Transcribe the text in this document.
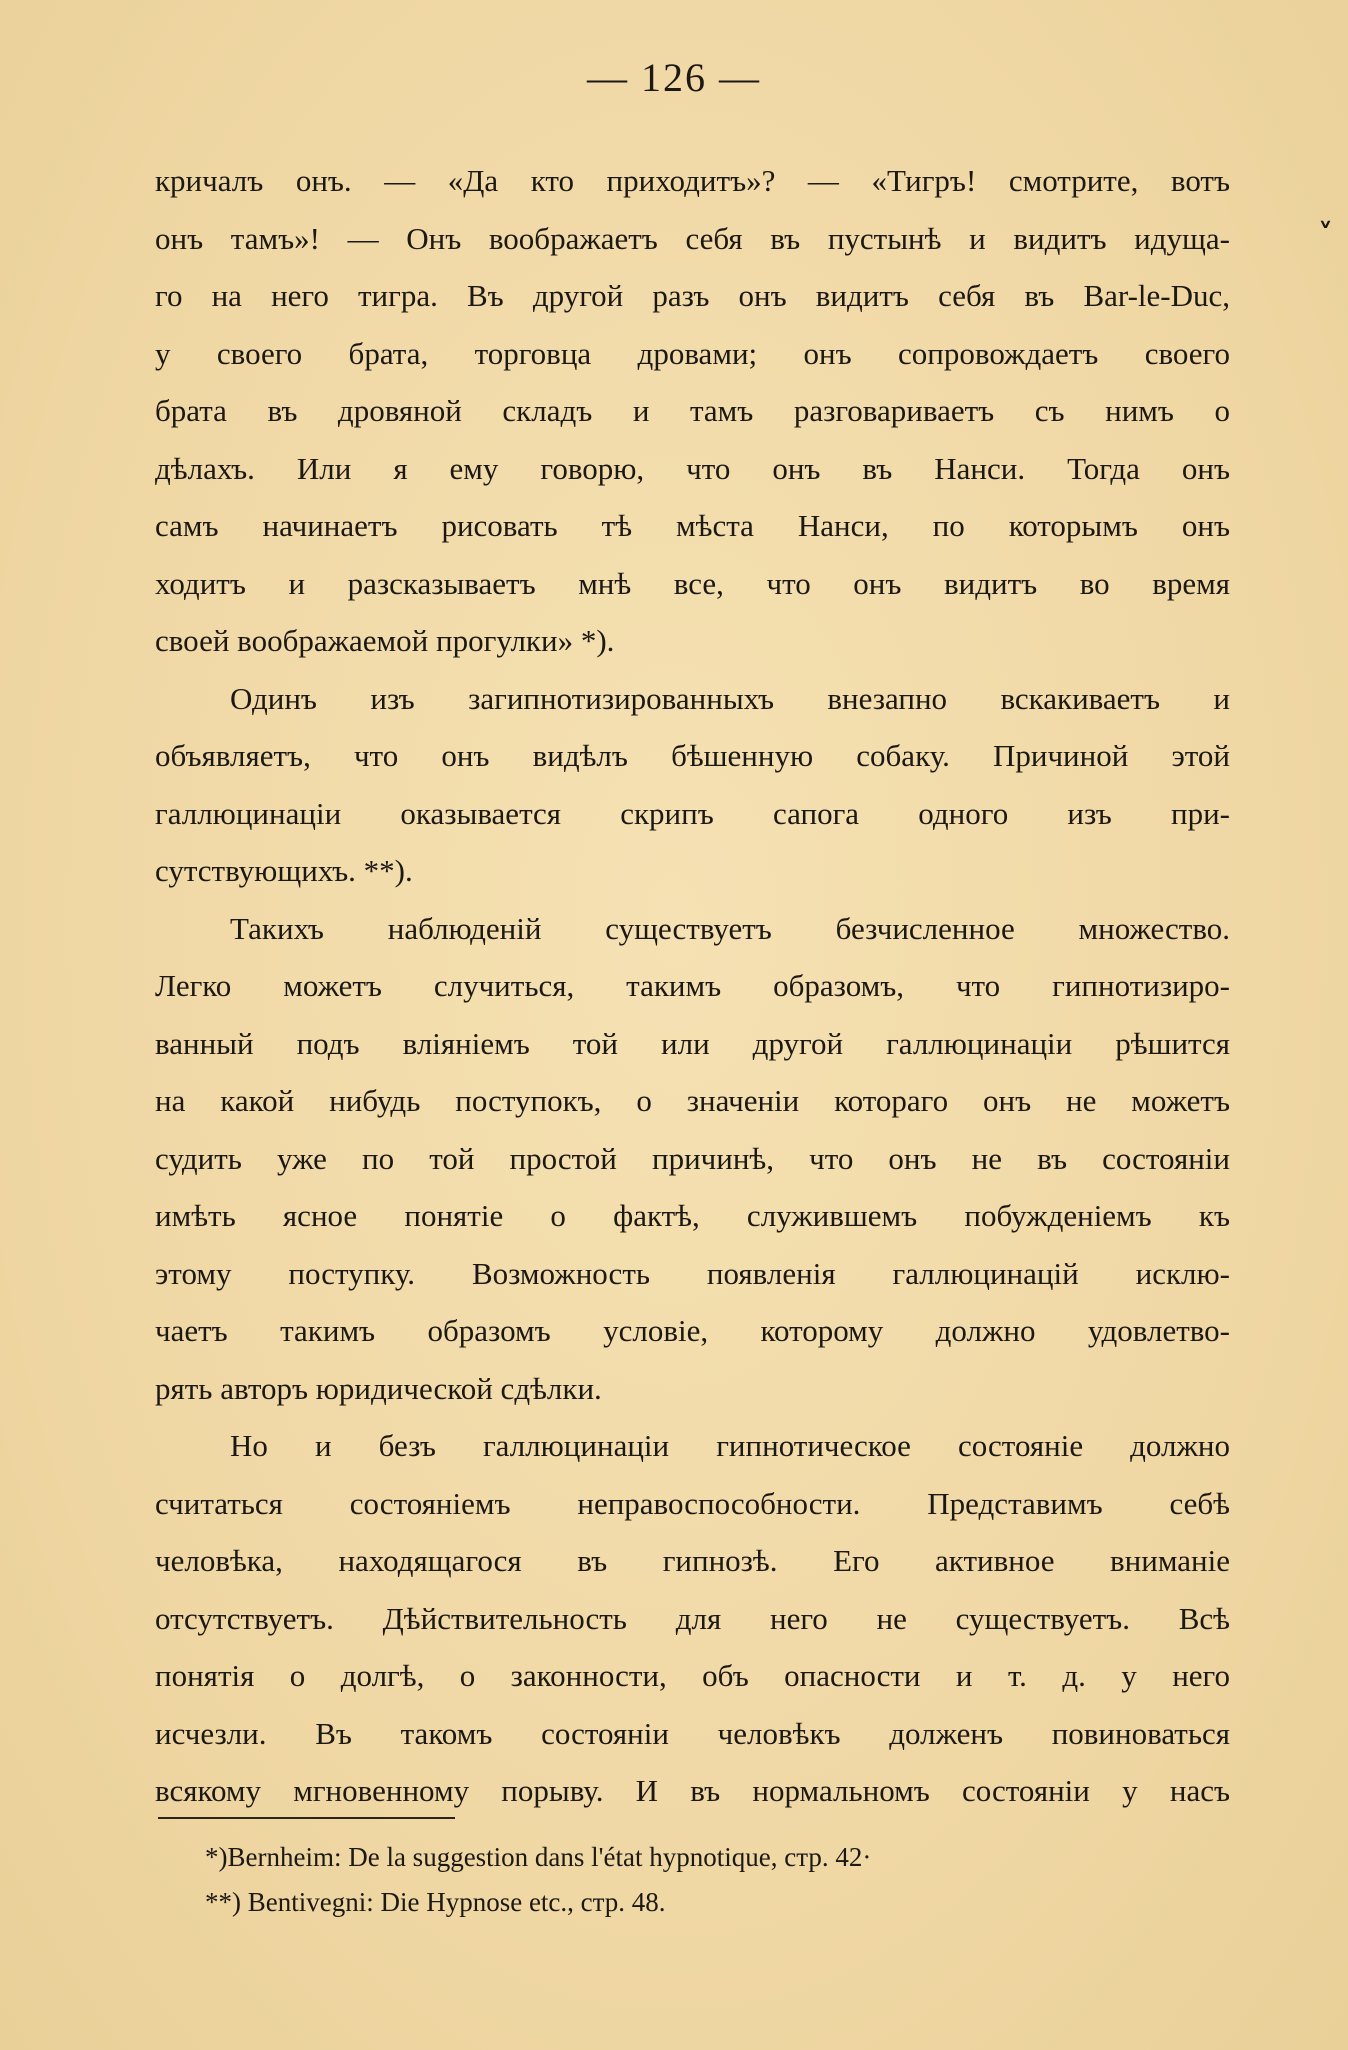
— 126 —
˅
кричалъ онъ. — «Да кто приходитъ»? — «Тигръ! смотрите, вотъ
онъ тамъ»! — Онъ воображаетъ себя въ пустынѣ и видитъ идуща-
го на него тигра. Въ другой разъ онъ видитъ себя въ Bar-le-Duc,
у своего брата, торговца дровами; онъ сопровождаетъ своего
брата въ дровяной складъ и тамъ разговариваетъ съ нимъ о
дѣлахъ. Или я ему говорю, что онъ въ Нанси. Тогда онъ
самъ начинаетъ рисовать тѣ мѣста Нанси, по которымъ онъ
ходитъ и разсказываетъ мнѣ все, что онъ видитъ во время
своей воображаемой прогулки» *).
Одинъ изъ загипнотизированныхъ внезапно вскакиваетъ и
объявляетъ, что онъ видѣлъ бѣшенную собаку. Причиной этой
галлюцинаціи оказывается скрипъ сапога одного изъ при-
сутствующихъ. **).
Такихъ наблюденій существуетъ безчисленное множество.
Легко можетъ случиться, такимъ образомъ, что гипнотизиро-
ванный подъ вліяніемъ той или другой галлюцинаціи рѣшится
на какой нибудь поступокъ, о значеніи котораго онъ не можетъ
судить уже по той простой причинѣ, что онъ не въ состояніи
имѣть ясное понятіе о фактѣ, служившемъ побужденіемъ къ
этому поступку. Возможность появленія галлюцинацій исклю-
чаетъ такимъ образомъ условіе, которому должно удовлетво-
рять авторъ юридической сдѣлки.
Но и безъ галлюцинаціи гипнотическое состояніе должно
считаться состояніемъ неправоспособности. Представимъ себѣ
человѣка, находящагося въ гипнозѣ. Его активное вниманіе
отсутствуетъ. Дѣйствительность для него не существуетъ. Всѣ
понятія о долгѣ, о законности, объ опасности и т. д. у него
исчезли. Въ такомъ состояніи человѣкъ долженъ повиноваться
всякому мгновенному порыву. И въ нормальномъ состояніи у насъ
*)Bernheim: De la suggestion dans l'état hypnotique, стр. 42·
**) Bentivegni: Die Hypnose etc., стр. 48.
